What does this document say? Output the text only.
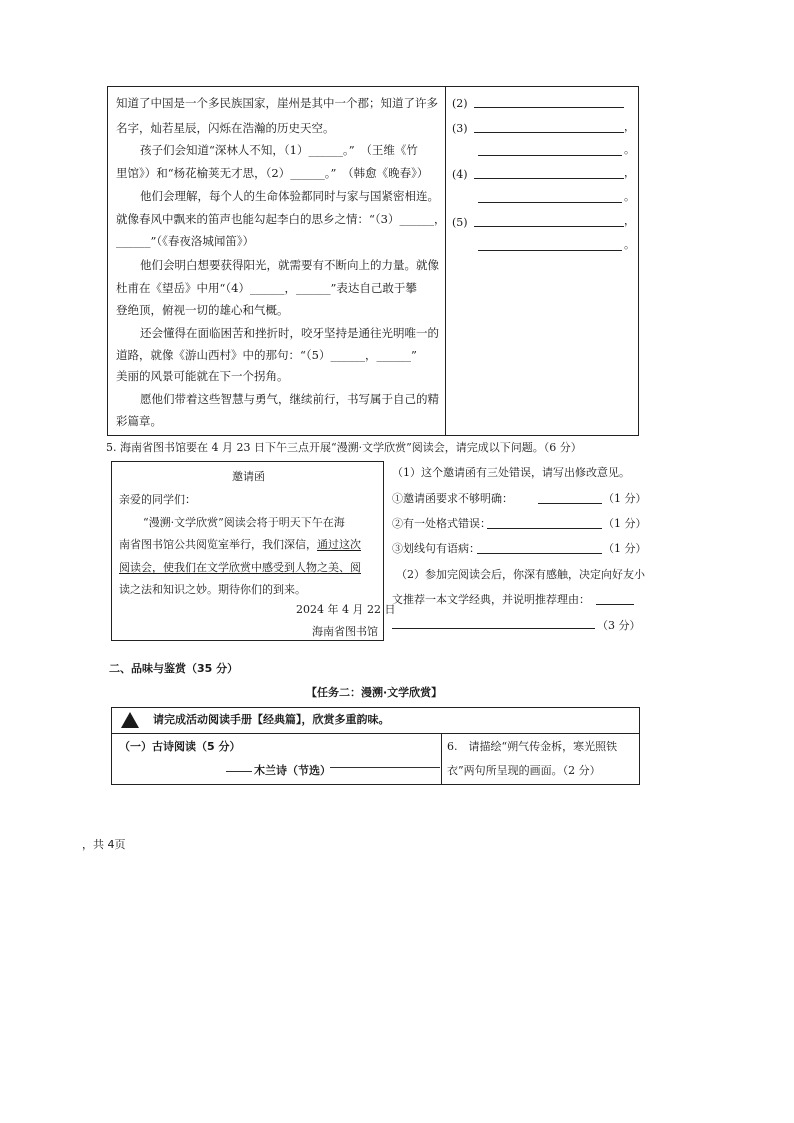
知道了中国是一个多民族国家，崖州是其中一个郡；知道了许多
名字，灿若星辰，闪烁在浩瀚的历史天空。
孩子们会知道“深林人不知，（1）______。”　（王维《竹
里馆》）和“杨花榆荚无才思，（2）______。”　（韩愈《晚春》）
他们会理解，每个人的生命体验都同时与家与国紧密相连。
就像春风中飘来的笛声也能勾起李白的思乡之情：“（3）______，
______”（《春夜洛城闻笛》）
他们会明白想要获得阳光，就需要有不断向上的力量。就像
杜甫在《望岳》中用“（4）______，______”表达自己敢于攀
登绝顶，俯视一切的雄心和气概。
还会懂得在面临困苦和挫折时，咬牙坚持是通往光明唯一的
道路，就像《游山西村》中的那句：“（5）______，______”
美丽的风景可能就在下一个拐角。
愿他们带着这些智慧与勇气，继续前行，书写属于自己的精
彩篇章。
(2)
(3)	，
。
(4)	，
。
(5)	，
。
5. 海南省图书馆要在 4 月 23 日下午三点开展“漫溯·文学欣赏”阅读会，请完成以下问题。（6 分）
邀请函
亲爱的同学们：
“漫溯·文学欣赏”阅读会将于明天下午在海
南省图书馆公共阅览室举行，我们深信，通过这次
阅读会，使我们在文学欣赏中感受到人物之美、阅
读之法和知识之妙。期待你们的到来。
2024 年 4 月 22 日
海南省图书馆
（1）这个邀请函有三处错误，请写出修改意见。
①邀请函要求不够明确：	（1 分）
②有一处格式错误：	（1 分）
③划线句有语病：	（1 分）
（2）参加完阅读会后，你深有感触，决定向好友小
文推荐一本文学经典，并说明推荐理由：
（3 分）
二、品味与鉴赏（35 分）
【任务二：漫溯·文学欣赏】
请完成活动阅读手册【经典篇】，欣赏多重韵味。
（一）古诗阅读（5 分）
木兰诗（节选）
6.　请描绘“朔气传金柝，寒光照铁
衣”两句所呈现的画面。（2 分）
，共 4页
